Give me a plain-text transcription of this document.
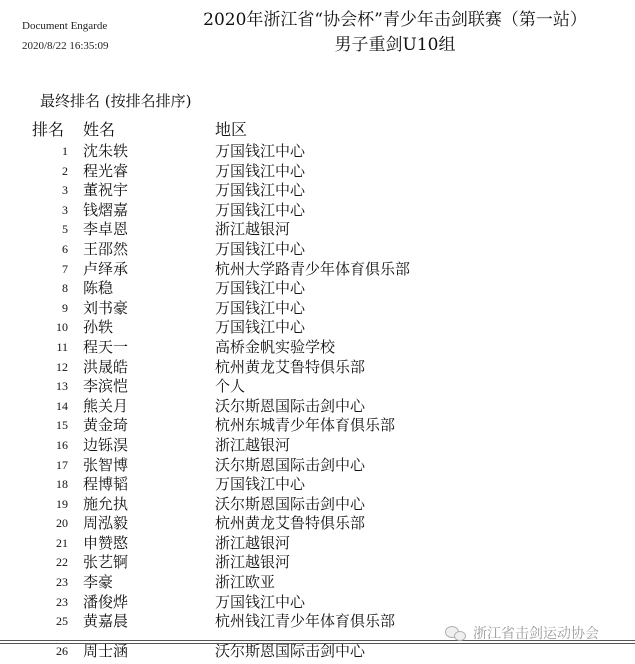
Document Engarde
2020/8/22 16:35:09
2020年浙江省“协会杯”青少年击剑联赛（第一站）
男子重剑U10组
最终排名 (按排名排序)
排名	姓名	地区
1 沈朱轶	万国钱江中心
2 程光睿	万国钱江中心
3 董祝宇	万国钱江中心
3 钱熠嘉	万国钱江中心
5 李卓恩	浙江越银河
6 王邵然	万国钱江中心
7 卢绎承	杭州大学路青少年体育俱乐部
8 陈稳	万国钱江中心
9 刘书豪	万国钱江中心
10 孙轶	万国钱江中心
11 程天一	高桥金帆实验学校
12 洪晟皓	杭州黄龙艾鲁特俱乐部
13 李滨恺	个人
14 熊关月	沃尔斯恩国际击剑中心
15 黄金琦	杭州东城青少年体育俱乐部
16 边铄淏	浙江越银河
17 张智博	沃尔斯恩国际击剑中心
18 程博韬	万国钱江中心
19 施允执	沃尔斯恩国际击剑中心
20 周泓毅	杭州黄龙艾鲁特俱乐部
21 申赞愍	浙江越银河
22 张艺锕	浙江越银河
23 李豪	浙江欧亚
23 潘俊烨	万国钱江中心
25 黄嘉晨	杭州钱江青少年体育俱乐部
26 周士涵	沃尔斯恩国际击剑中心
浙江省击剑运动协会
